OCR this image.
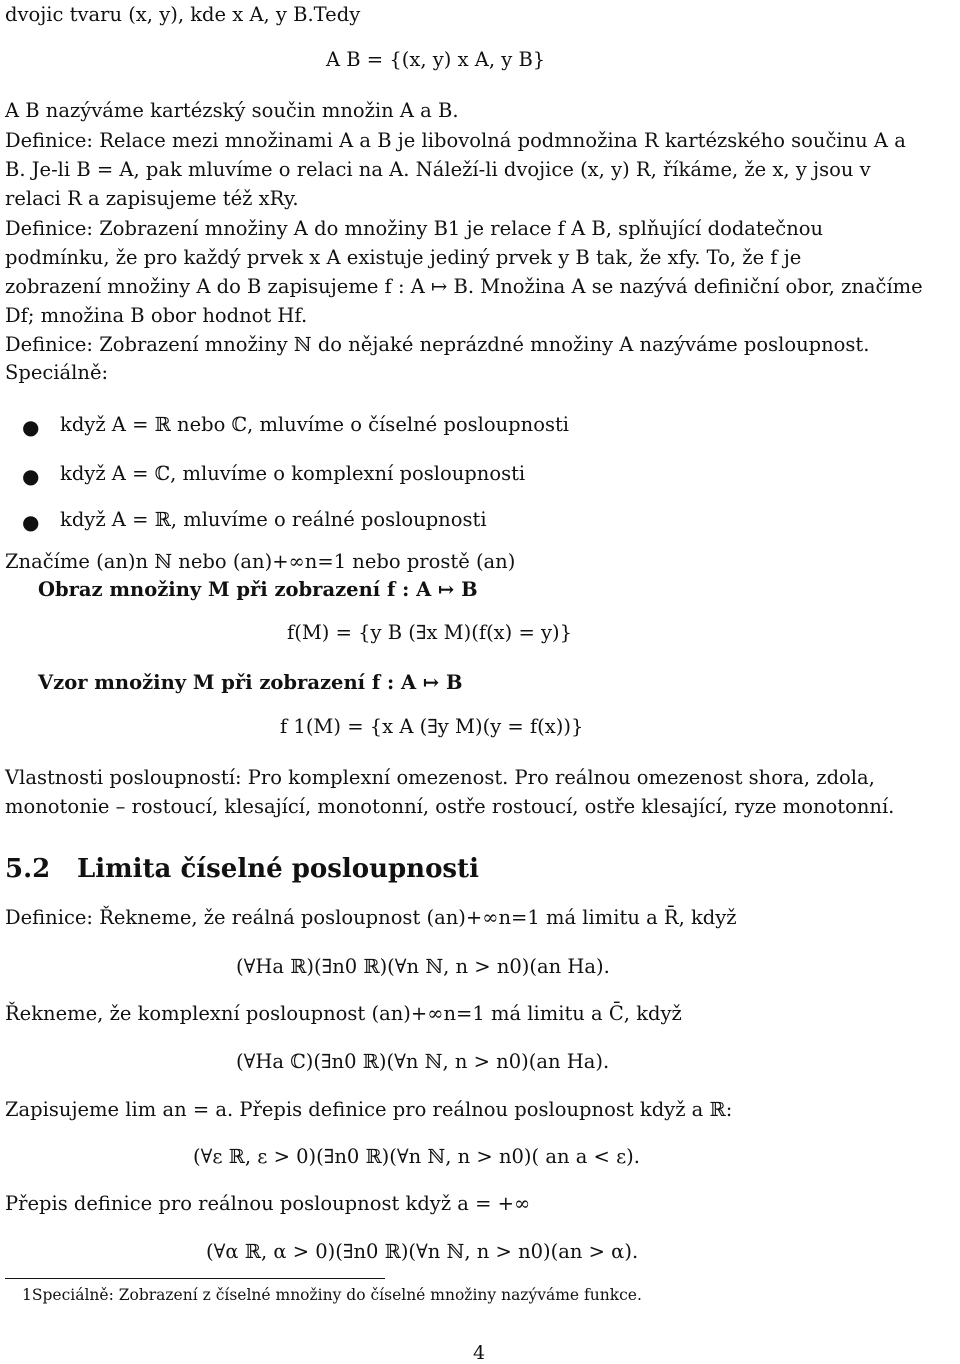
dvojic tvaru (x, y), kde x A, y B.Tedy
A B = {(x, y) x A, y B}
A B nazýváme kartézský součin množin A a B.
Definice: Relace mezi množinami A a B je libovolná podmnožina R kartézského součinu A a
B. Je-li B = A, pak mluvíme o relaci na A. Náleží-li dvojice (x, y) R, říkáme, že x, y jsou v
relaci R a zapisujeme též xRy.
Definice: Zobrazení množiny A do množiny B1 je relace f A B, splňující dodatečnou
podmínku, že pro každý prvek x A existuje jediný prvek y B tak, že xfy. To, že f je
zobrazení množiny A do B zapisujeme f : A ↦ B. Množina A se nazývá definiční obor, značíme
Df; množina B obor hodnot Hf.
Definice: Zobrazení množiny ℕ do nějaké neprázdné množiny A nazýváme posloupnost.
Speciálně:
● když A = ℝ nebo ℂ, mluvíme o číselné posloupnosti
● když A = ℂ, mluvíme o komplexní posloupnosti
● když A = ℝ, mluvíme o reálné posloupnosti
Značíme (an)n ℕ nebo (an)+∞n=1 nebo prostě (an)
Obraz množiny M při zobrazení f : A ↦ B
f(M) = {y B (∃x M)(f(x) = y)}
Vzor množiny M při zobrazení f : A ↦ B
f 1(M) = {x A (∃y M)(y = f(x))}
Vlastnosti posloupností: Pro komplexní omezenost. Pro reálnou omezenost shora, zdola,
monotonie – rostoucí, klesající, monotonní, ostře rostoucí, ostře klesající, ryze monotonní.
5.2 Limita číselné posloupnosti
Definice: Řekneme, že reálná posloupnost (an)+∞n=1 má limitu a R̄, když
(∀Ha ℝ)(∃n0 ℝ)(∀n ℕ, n > n0)(an Ha).
Řekneme, že komplexní posloupnost (an)+∞n=1 má limitu a C̄, když
(∀Ha ℂ)(∃n0 ℝ)(∀n ℕ, n > n0)(an Ha).
Zapisujeme lim an = a. Přepis definice pro reálnou posloupnost když a ℝ:
(∀ε ℝ, ε > 0)(∃n0 ℝ)(∀n ℕ, n > n0)( an a < ε).
Přepis definice pro reálnou posloupnost když a = +∞
(∀α ℝ, α > 0)(∃n0 ℝ)(∀n ℕ, n > n0)(an > α).
1Speciálně: Zobrazení z číselné množiny do číselné množiny nazýváme funkce.
4
